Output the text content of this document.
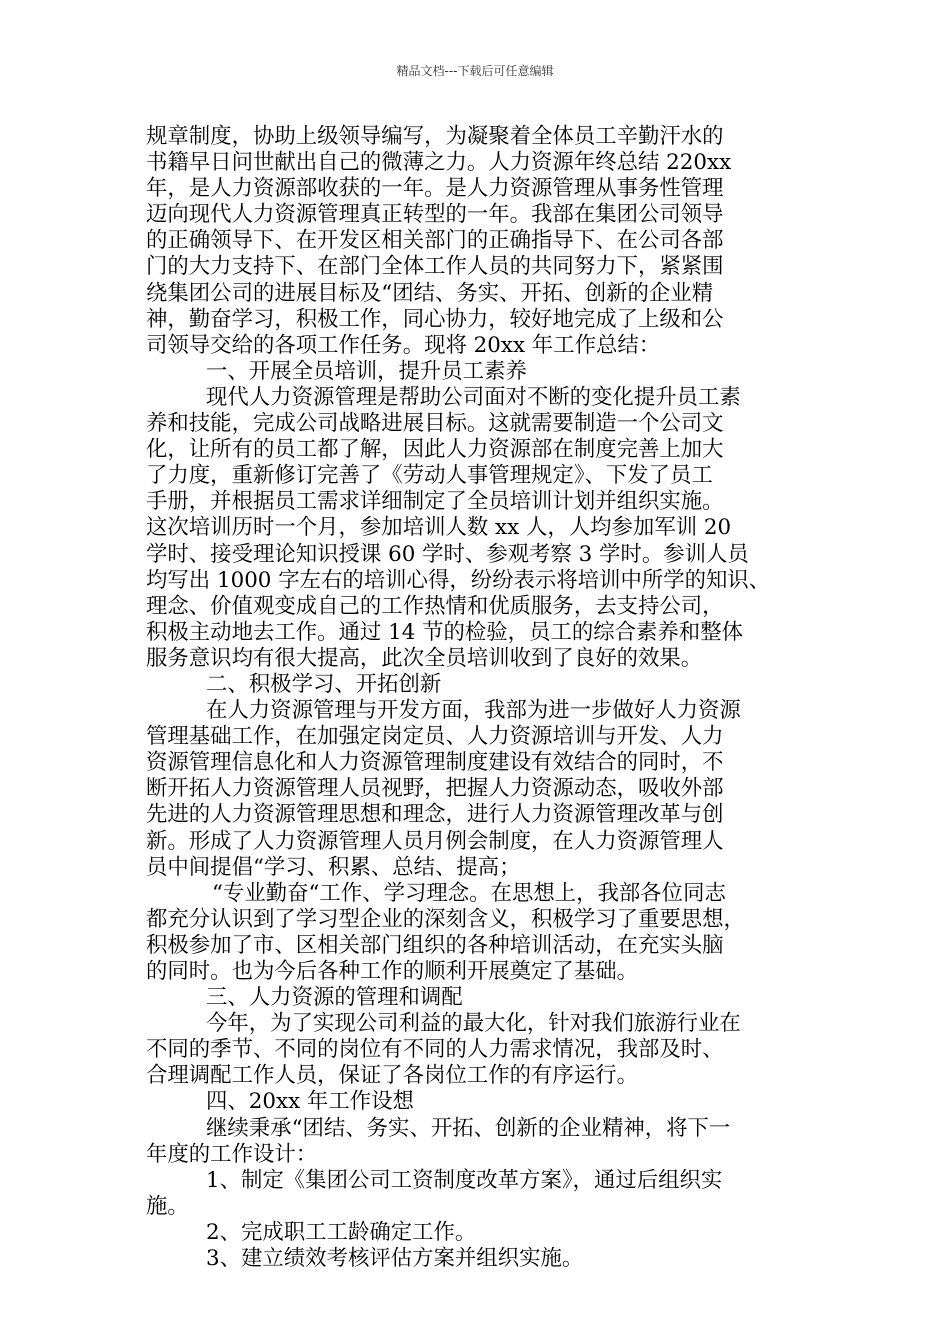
精品文档---下载后可任意编辑
规章制度，协助上级领导编写，为凝聚着全体员工辛勤汗水的
书籍早日问世献出自己的微薄之力。人力资源年终总结 220xx
年，是人力资源部收获的一年。是人力资源管理从事务性管理
迈向现代人力资源管理真正转型的一年。我部在集团公司领导
的正确领导下、在开发区相关部门的正确指导下、在公司各部
门的大力支持下、在部门全体工作人员的共同努力下，紧紧围
绕集团公司的进展目标及“团结、务实、开拓、创新的企业精
神，勤奋学习，积极工作，同心协力，较好地完成了上级和公
司领导交给的各项工作任务。现将 20xx 年工作总结：
一、开展全员培训，提升员工素养
现代人力资源管理是帮助公司面对不断的变化提升员工素
养和技能，完成公司战略进展目标。这就需要制造一个公司文
化，让所有的员工都了解，因此人力资源部在制度完善上加大
了力度，重新修订完善了《劳动人事管理规定》、下发了员工
手册，并根据员工需求详细制定了全员培训计划并组织实施。
这次培训历时一个月，参加培训人数 xx 人，人均参加军训 20
学时、接受理论知识授课 60 学时、参观考察 3 学时。参训人员
均写出 1000 字左右的培训心得，纷纷表示将培训中所学的知识、
理念、价值观变成自己的工作热情和优质服务，去支持公司，
积极主动地去工作。通过 14 节的检验，员工的综合素养和整体
服务意识均有很大提高，此次全员培训收到了良好的效果。
二、积极学习、开拓创新
在人力资源管理与开发方面，我部为进一步做好人力资源
管理基础工作，在加强定岗定员、人力资源培训与开发、人力
资源管理信息化和人力资源管理制度建设有效结合的同时，不
断开拓人力资源管理人员视野，把握人力资源动态，吸收外部
先进的人力资源管理思想和理念，进行人力资源管理改革与创
新。形成了人力资源管理人员月例会制度，在人力资源管理人
员中间提倡“学习、积累、总结、提高；
“专业勤奋“工作、学习理念。在思想上，我部各位同志
都充分认识到了学习型企业的深刻含义，积极学习了重要思想，
积极参加了市、区相关部门组织的各种培训活动，在充实头脑
的同时。也为今后各种工作的顺利开展奠定了基础。
三、人力资源的管理和调配
今年，为了实现公司利益的最大化，针对我们旅游行业在
不同的季节、不同的岗位有不同的人力需求情况，我部及时、
合理调配工作人员，保证了各岗位工作的有序运行。
四、20xx 年工作设想
继续秉承“团结、务实、开拓、创新的企业精神，将下一
年度的工作设计：
1、制定《集团公司工资制度改革方案》，通过后组织实
施。
2、完成职工工龄确定工作。
3、建立绩效考核评估方案并组织实施。
